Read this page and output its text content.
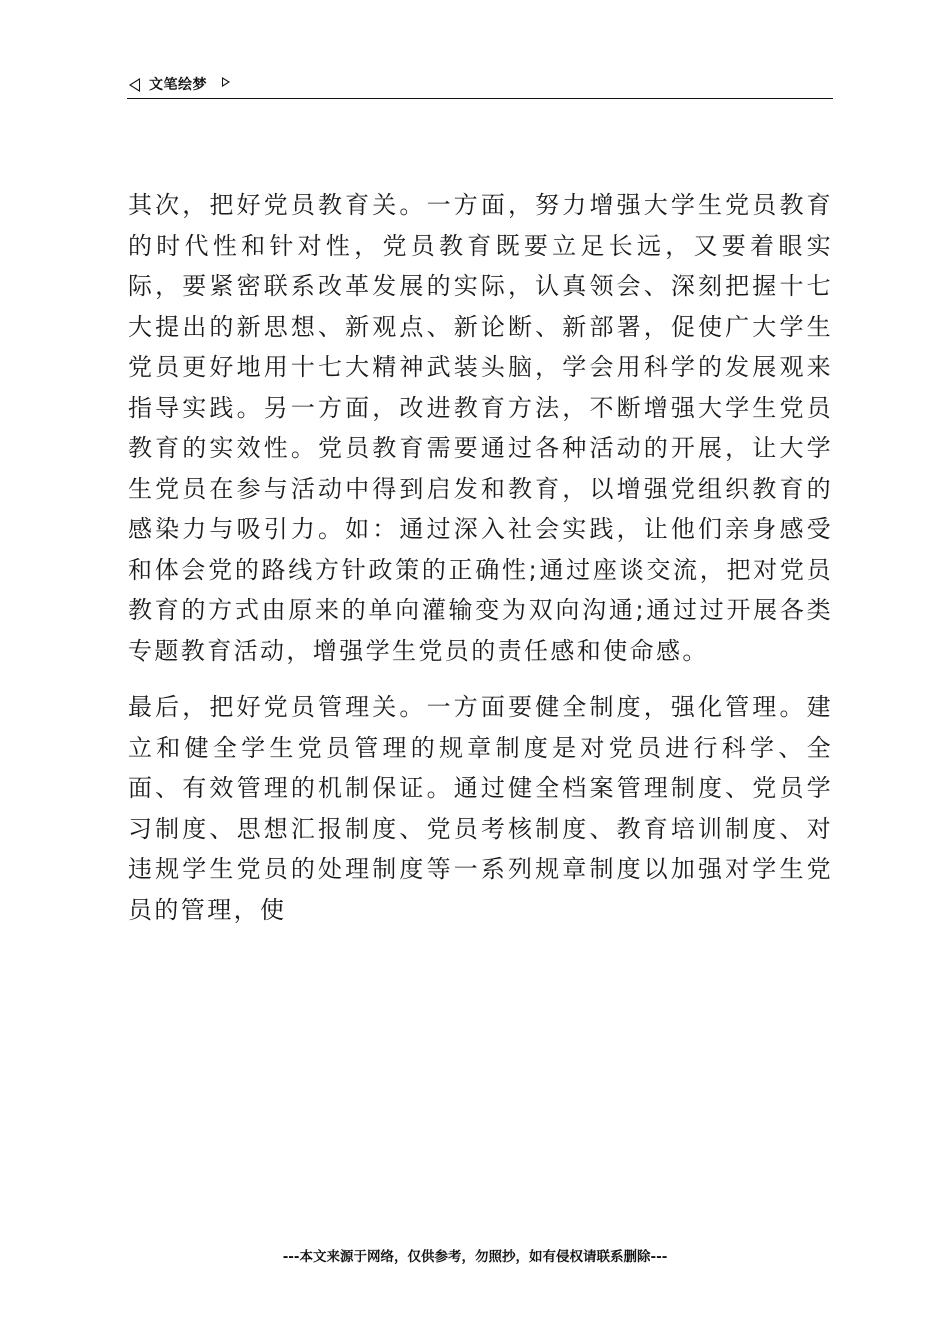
文笔绘梦

其次，把好党员教育关。一方面，努力增强大学生党员教育的时代性和针对性，党员教育既要立足长远，又要着眼实际，要紧密联系改革发展的实际，认真领会、深刻把握十七大提出的新思想、新观点、新论断、新部署，促使广大学生党员更好地用十七大精神武装头脑，学会用科学的发展观来指导实践。另一方面，改进教育方法，不断增强大学生党员教育的实效性。党员教育需要通过各种活动的开展，让大学生党员在参与活动中得到启发和教育，以增强党组织教育的感染力与吸引力。如：通过深入社会实践，让他们亲身感受和体会党的路线方针政策的正确性;通过座谈交流，把对党员教育的方式由原来的单向灌输变为双向沟通;通过过开展各类专题教育活动，增强学生党员的责任感和使命感。

最后，把好党员管理关。一方面要健全制度，强化管理。建立和健全学生党员管理的规章制度是对党员进行科学、全面、有效管理的机制保证。通过健全档案管理制度、党员学习制度、思想汇报制度、党员考核制度、教育培训制度、对违规学生党员的处理制度等一系列规章制度以加强对学生党员的管理，使

---本文来源于网络，仅供参考，勿照抄，如有侵权请联系删除---
